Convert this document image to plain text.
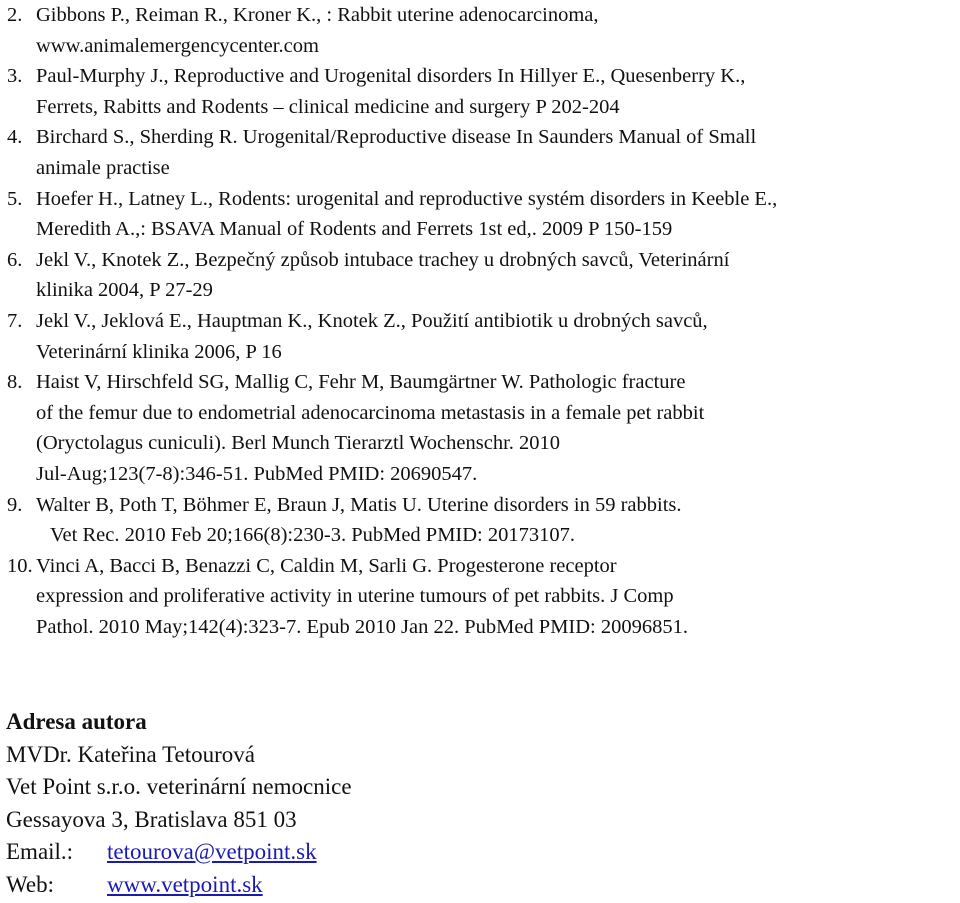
2. Gibbons P., Reiman R., Kroner K., : Rabbit uterine adenocarcinoma,
www.animalemergencycenter.com
3. Paul-Murphy J., Reproductive and Urogenital disorders In Hillyer E., Quesenberry K.,
Ferrets, Rabitts and Rodents – clinical medicine and surgery P 202-204
4. Birchard S., Sherding R. Urogenital/Reproductive disease In Saunders Manual of Small
animale practise
5. Hoefer H., Latney L., Rodents: urogenital and reproductive systém disorders in Keeble E.,
Meredith A.,: BSAVA Manual of Rodents and Ferrets 1st ed,. 2009 P 150-159
6. Jekl V., Knotek Z., Bezpečný způsob intubace trachey u drobných savců, Veterinární
klinika 2004, P 27-29
7. Jekl V., Jeklová E., Hauptman K., Knotek Z., Použití antibiotik u drobných savců,
Veterinární klinika 2006, P 16
8. Haist V, Hirschfeld SG, Mallig C, Fehr M, Baumgärtner W. Pathologic fracture
of the femur due to endometrial adenocarcinoma metastasis in a female pet rabbit
(Oryctolagus cuniculi). Berl Munch Tierarztl Wochenschr. 2010
Jul-Aug;123(7-8):346-51. PubMed PMID: 20690547.
9. Walter B, Poth T, Böhmer E, Braun J, Matis U. Uterine disorders in 59 rabbits.
Vet Rec. 2010 Feb 20;166(8):230-3. PubMed PMID: 20173107.
10. Vinci A, Bacci B, Benazzi C, Caldin M, Sarli G. Progesterone receptor
expression and proliferative activity in uterine tumours of pet rabbits. J Comp
Pathol. 2010 May;142(4):323-7. Epub 2010 Jan 22. PubMed PMID: 20096851.
Adresa autora
MVDr. Kateřina Tetourová
Vet Point s.r.o. veterinární nemocnice
Gessayova 3, Bratislava 851 03
Email.: tetourova@vetpoint.sk
Web: www.vetpoint.sk
